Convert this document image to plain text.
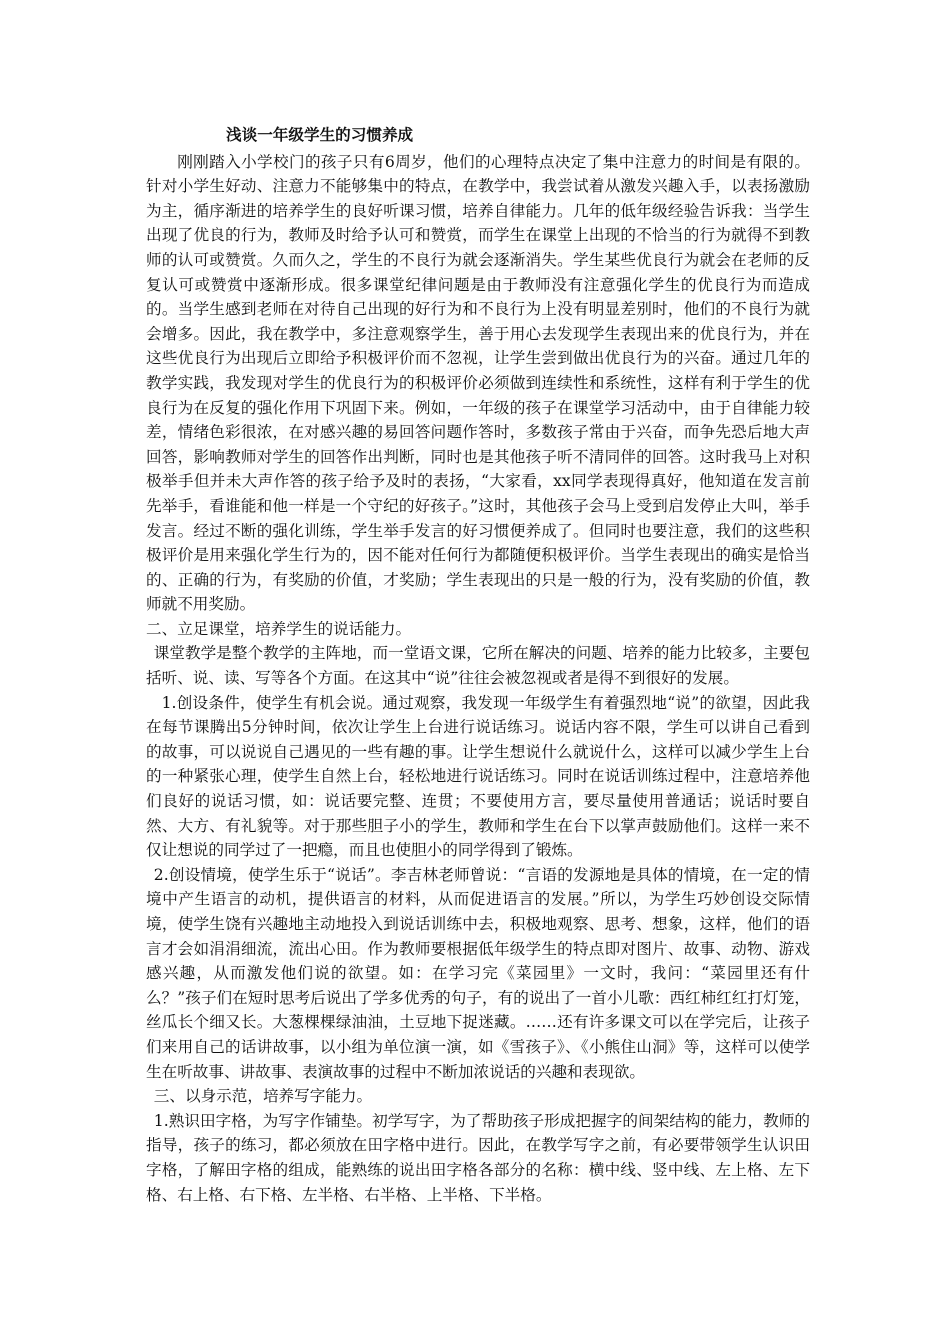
浅谈一年级学生的习惯养成

刚刚踏入小学校门的孩子只有6周岁，他们的心理特点决定了集中注意力的时间是有限的。针对小学生好动、注意力不能够集中的特点，在教学中，我尝试着从激发兴趣入手，以表扬激励为主，循序渐进的培养学生的良好听课习惯，培养自律能力。几年的低年级经验告诉我：当学生出现了优良的行为，教师及时给予认可和赞赏，而学生在课堂上出现的不恰当的行为就得不到教师的认可或赞赏。久而久之，学生的不良行为就会逐渐消失。学生某些优良行为就会在老师的反复认可或赞赏中逐渐形成。很多课堂纪律问题是由于教师没有注意强化学生的优良行为而造成的。当学生感到老师在对待自己出现的好行为和不良行为上没有明显差别时，他们的不良行为就会增多。因此，我在教学中，多注意观察学生，善于用心去发现学生表现出来的优良行为，并在这些优良行为出现后立即给予积极评价而不忽视，让学生尝到做出优良行为的兴奋。通过几年的教学实践，我发现对学生的优良行为的积极评价必须做到连续性和系统性，这样有利于学生的优良行为在反复的强化作用下巩固下来。例如，一年级的孩子在课堂学习活动中，由于自律能力较差，情绪色彩很浓，在对感兴趣的易回答问题作答时，多数孩子常由于兴奋，而争先恐后地大声回答，影响教师对学生的回答作出判断，同时也是其他孩子听不清同伴的回答。这时我马上对积极举手但并未大声作答的孩子给予及时的表扬，“大家看，xx同学表现得真好，他知道在发言前先举手，看谁能和他一样是一个守纪的好孩子。”这时，其他孩子会马上受到启发停止大叫，举手发言。经过不断的强化训练，学生举手发言的好习惯便养成了。但同时也要注意，我们的这些积极评价是用来强化学生行为的，因不能对任何行为都随便积极评价。当学生表现出的确实是恰当的、正确的行为，有奖励的价值，才奖励；学生表现出的只是一般的行为，没有奖励的价值，教师就不用奖励。

二、立足课堂，培养学生的说话能力。

课堂教学是整个教学的主阵地，而一堂语文课，它所在解决的问题、培养的能力比较多，主要包括听、说、读、写等各个方面。在这其中“说”往往会被忽视或者是得不到很好的发展。

1.创设条件，使学生有机会说。通过观察，我发现一年级学生有着强烈地“说”的欲望，因此我在每节课腾出5分钟时间，依次让学生上台进行说话练习。说话内容不限，学生可以讲自己看到的故事，可以说说自己遇见的一些有趣的事。让学生想说什么就说什么，这样可以减少学生上台的一种紧张心理，使学生自然上台，轻松地进行说话练习。同时在说话训练过程中，注意培养他们良好的说话习惯，如：说话要完整、连贯；不要使用方言，要尽量使用普通话；说话时要自然、大方、有礼貌等。对于那些胆子小的学生，教师和学生在台下以掌声鼓励他们。这样一来不仅让想说的同学过了一把瘾，而且也使胆小的同学得到了锻炼。

2.创设情境，使学生乐于“说话”。李吉林老师曾说：“言语的发源地是具体的情境，在一定的情境中产生语言的动机，提供语言的材料，从而促进语言的发展。”所以，为学生巧妙创设交际情境，使学生饶有兴趣地主动地投入到说话训练中去，积极地观察、思考、想象，这样，他们的语言才会如涓涓细流，流出心田。作为教师要根据低年级学生的特点即对图片、故事、动物、游戏感兴趣，从而激发他们说的欲望。如：在学习完《菜园里》一文时，我问：“菜园里还有什么？”孩子们在短时思考后说出了学多优秀的句子，有的说出了一首小儿歌：西红柿红红打灯笼，丝瓜长个细又长。大葱棵棵绿油油，土豆地下捉迷藏。……还有许多课文可以在学完后，让孩子们来用自己的话讲故事，以小组为单位演一演，如《雪孩子》、《小熊住山洞》等，这样可以使学生在听故事、讲故事、表演故事的过程中不断加浓说话的兴趣和表现欲。

三、以身示范，培养写字能力。

1.熟识田字格，为写字作铺垫。初学写字，为了帮助孩子形成把握字的间架结构的能力，教师的指导，孩子的练习，都必须放在田字格中进行。因此，在教学写字之前，有必要带领学生认识田字格，了解田字格的组成，能熟练的说出田字格各部分的名称：横中线、竖中线、左上格、左下格、右上格、右下格、左半格、右半格、上半格、下半格。
